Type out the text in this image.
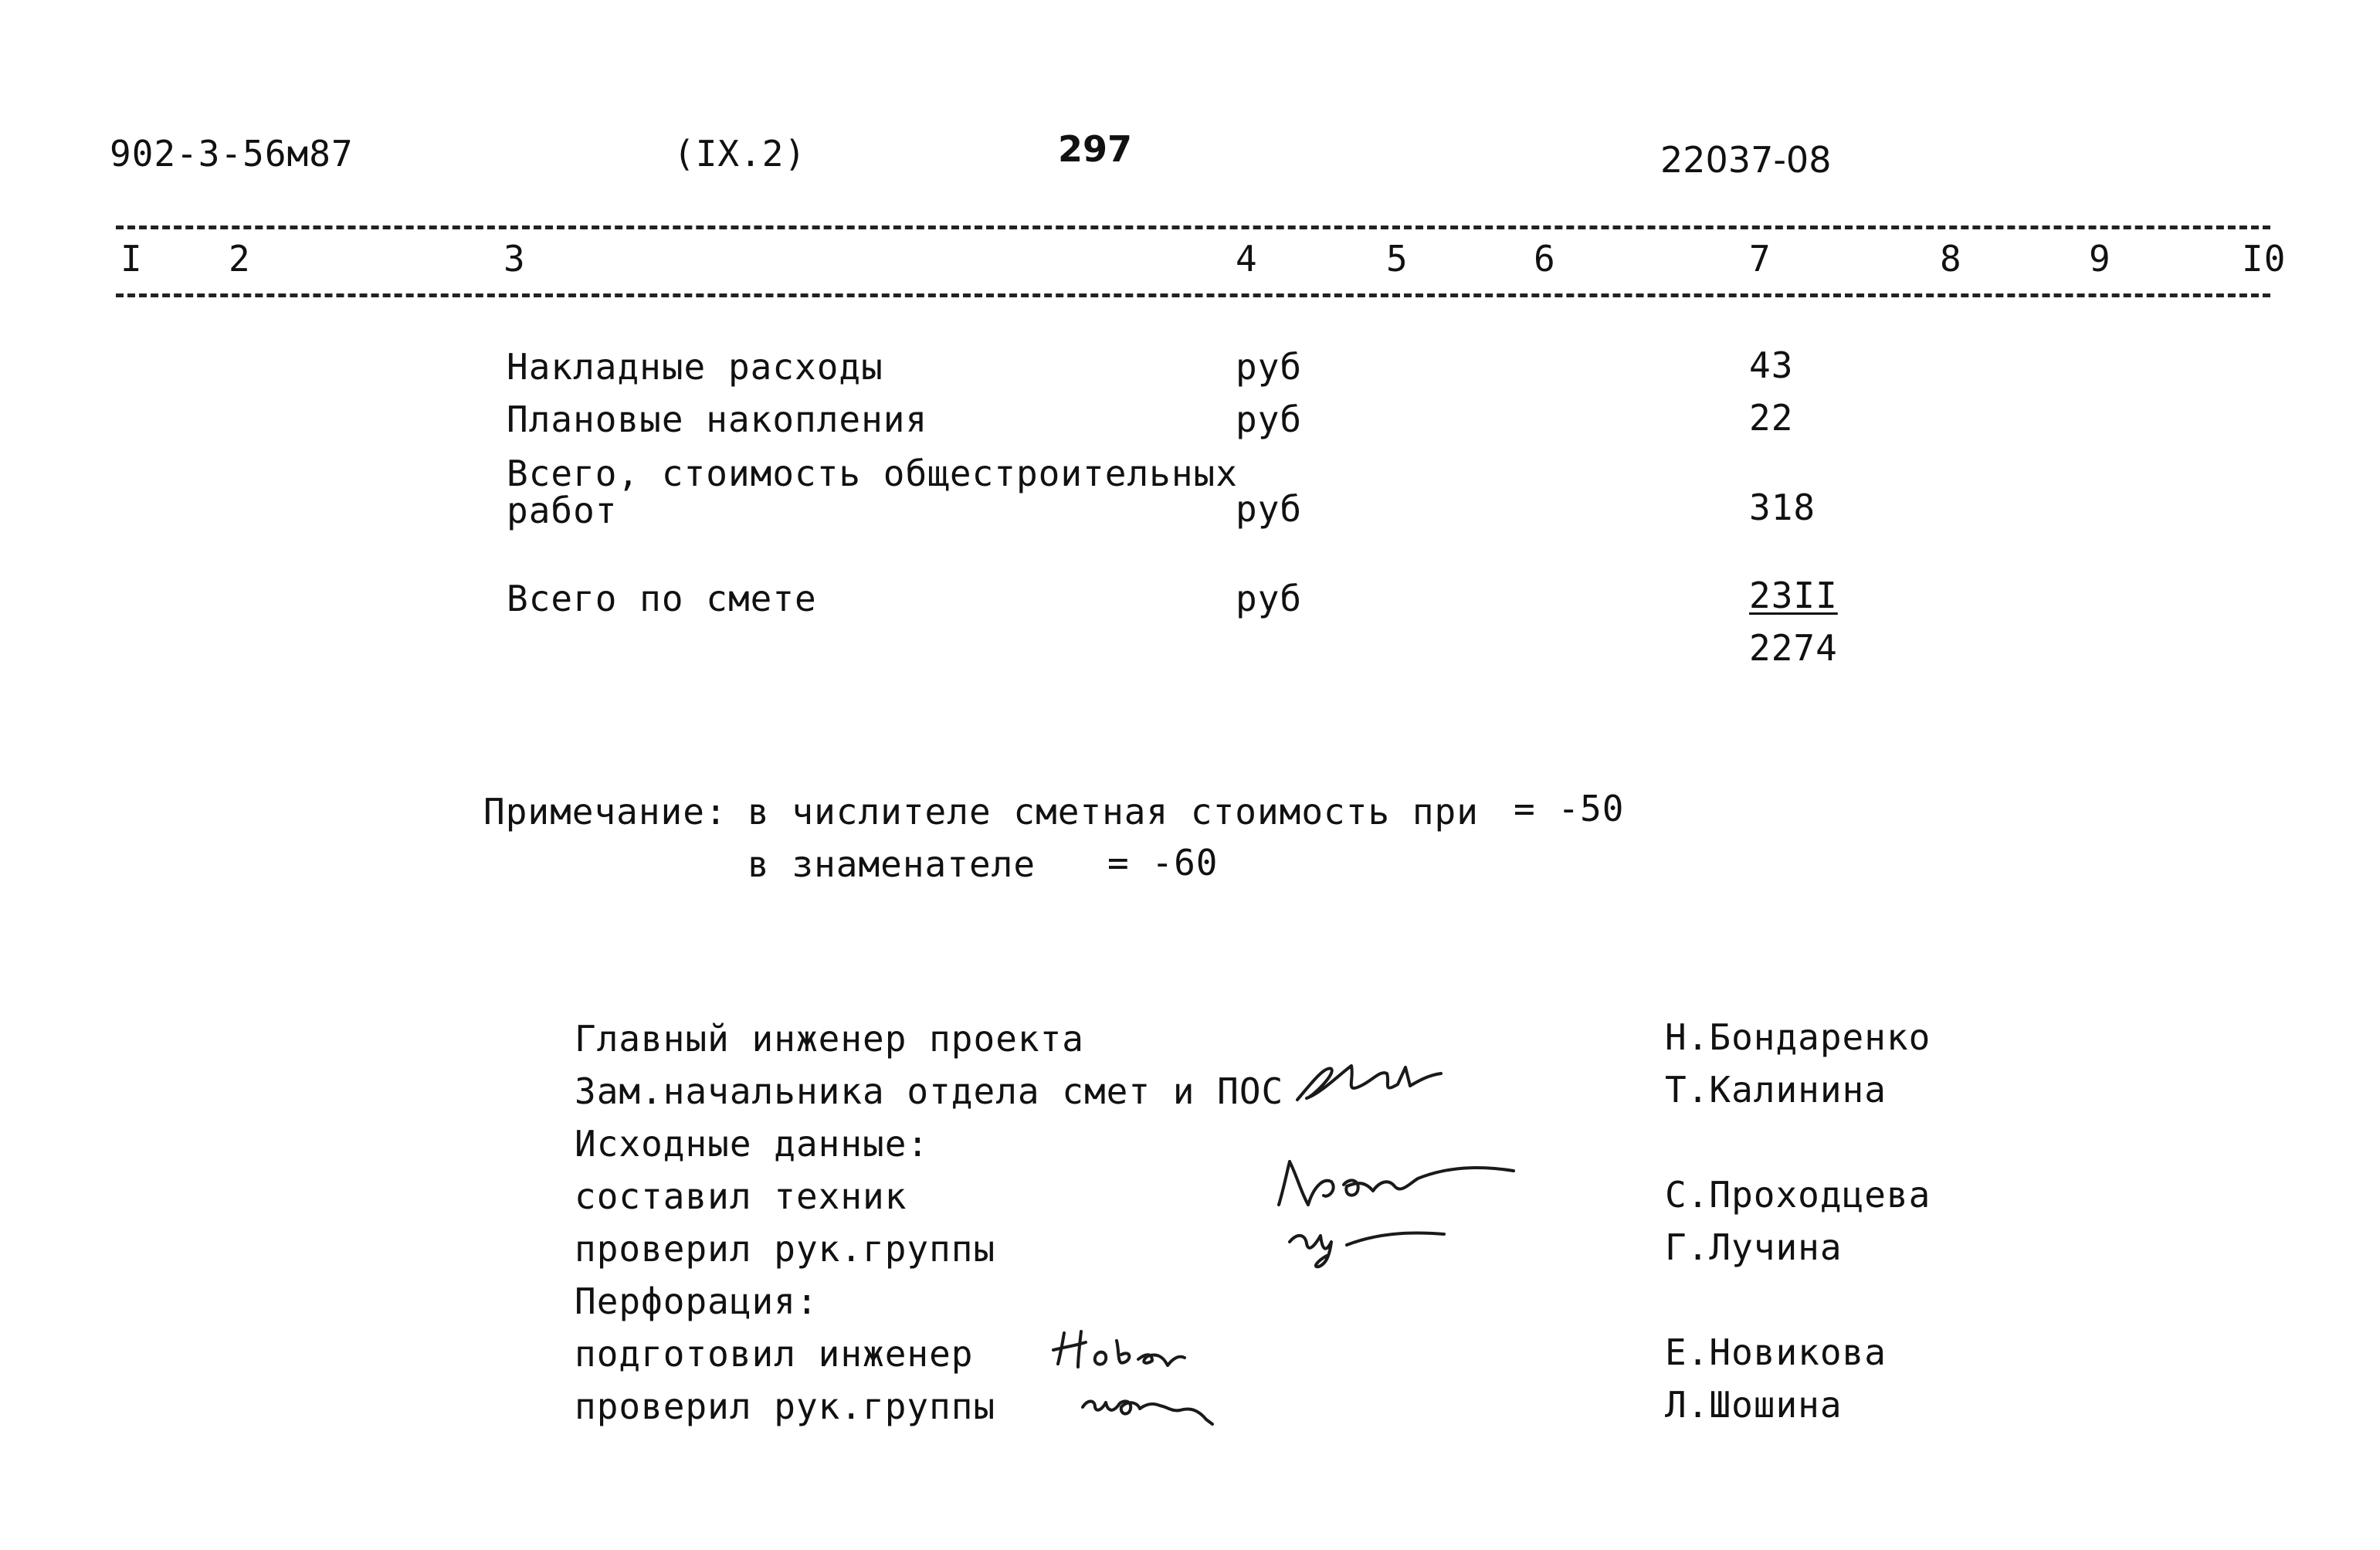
902-3-56м87	(IX.2)	297	22037-08
I 2	3	4	5	6	7	8	9	I0
Накладные расходы	руб	43
Плановые накопления	руб	22
Всего, стоимость общестроительных
работ	руб	318
Всего по смете	руб	23II
2274
Примечание: в числителе сметная стоимость при = -50
в знаменателе = -60
Главный инженер проекта	Н.Бондаренко
Зам.начальника отдела смет и ПОС	Т.Калинина
Исходные данные:
составил техник	С.Проходцева
проверил рук.группы	Г.Лучина
Перфорация:
подготовил инженер	Е.Новикова
проверил рук.группы	Л.Шошина
